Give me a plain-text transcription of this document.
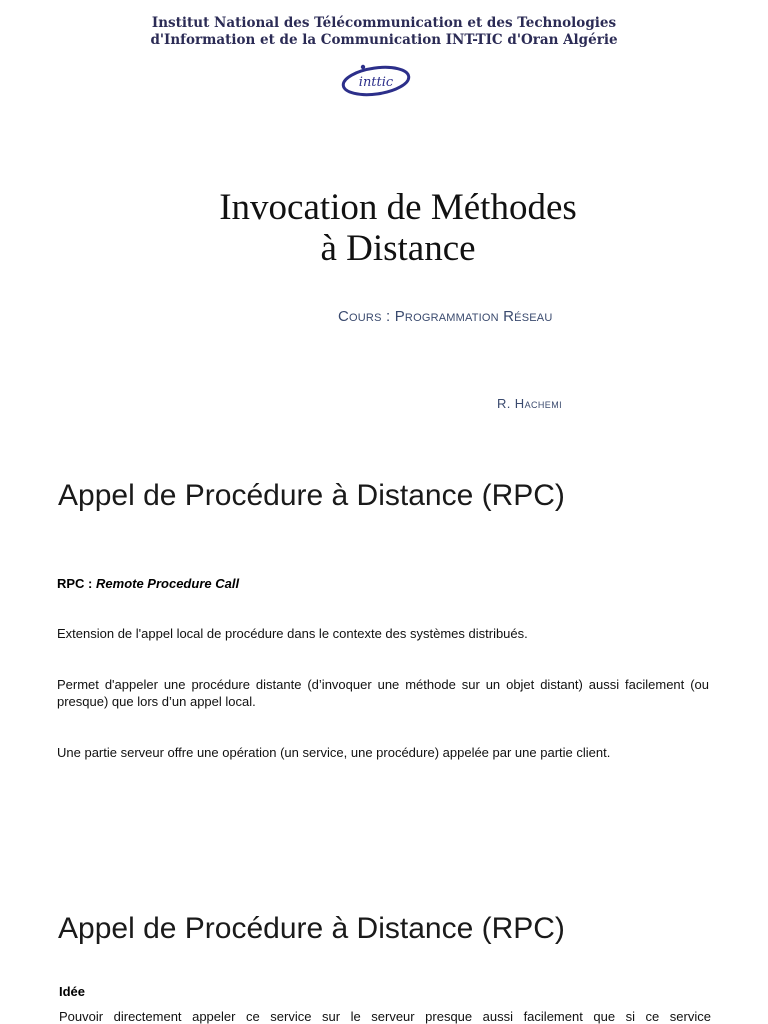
Institut National des Télécommunication et des Technologies
d'Information et de la Communication INT-TIC d'Oran Algérie
inttic
Invocation de Méthodes
à Distance
Cours : Programmation Réseau
R. Hachemi
Appel de Procédure à Distance (RPC)
RPC : Remote Procedure Call
Extension de l'appel local de procédure dans le contexte des systèmes distribués.
Permet d'appeler une procédure distante (d’invoquer une méthode sur un objet distant) aussi facilement (ou presque) que lors d’un appel local.
Une partie serveur offre une opération (un service, une procédure) appelée par une partie client.
Appel de Procédure à Distance (RPC)
Idée
Pouvoir directement appeler ce service sur le serveur presque aussi facilement que si ce service
